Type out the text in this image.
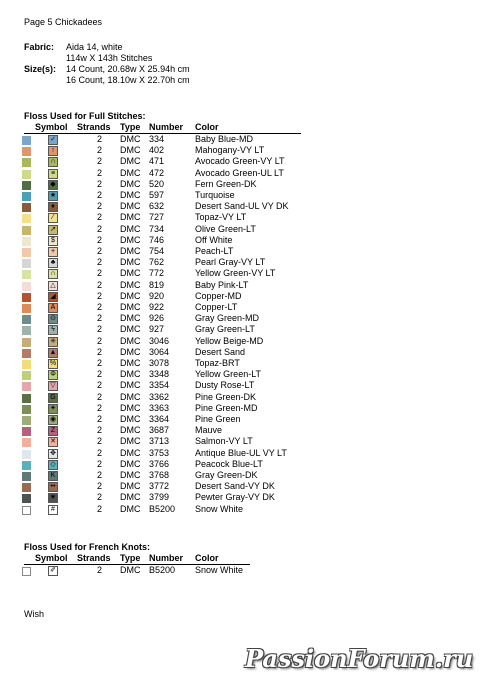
Page 5 Chickadees
Fabric:	Aida 14, white
114w X 143h Stitches
Size(s):	14 Count, 20.68w X 25.94h cm
16 Count, 18.10w X 22.70h cm
Floss Used for Full Stitches:
Symbol Strands Type Number Color
✓	2 DMC 334	Baby Blue-MD
↑	2 DMC 402	Mahogany-VY LT
∩	2 DMC 471	Avocado Green-VY LT
≡	2 DMC 472	Avocado Green-UL LT
◆	2 DMC 520	Fern Green-DK
★	2 DMC 597	Turquoise
♦	2 DMC 632	Desert Sand-UL VY DK
⁄	2 DMC 727	Topaz-VY LT
↗	2 DMC 734	Olive Green-LT
$	2 DMC 746	Off White
+	2 DMC 754	Peach-LT
♣	2 DMC 762	Pearl Gray-VY LT
∩	2 DMC 772	Yellow Green-VY LT
△	2 DMC 819	Baby Pink-LT
◢	2 DMC 920	Copper-MD
A	2 DMC 922	Copper-LT
⊙	2 DMC 926	Gray Green-MD
ϟ	2 DMC 927	Gray Green-LT
✳	2 DMC 3046	Yellow Beige-MD
▲	2 DMC 3064	Desert Sand
%	2 DMC 3078	Topaz-BRT
Φ	2 DMC 3348	Yellow Green-LT
▽	2 DMC 3354	Dusty Rose-LT
G	2 DMC 3362	Pine Green-DK
✦	2 DMC 3363	Pine Green-MD
◉	2 DMC 3364	Pine Green
Z	2 DMC 3687	Mauve
✕	2 DMC 3713	Salmon-VY LT
✥	2 DMC 3753	Antique Blue-UL VY LT
◇	2 DMC 3766	Peacock Blue-LT
K	2 DMC 3768	Gray Green-DK
••	2 DMC 3772	Desert Sand-VY DK
♥	2 DMC 3799	Pewter Gray-VY DK
#	2 DMC B5200 Snow White
Floss Used for French Knots:
Symbol Strands Type Number Color
✐	2 DMC B5200 Snow White
Wish
PassionForum.ru
